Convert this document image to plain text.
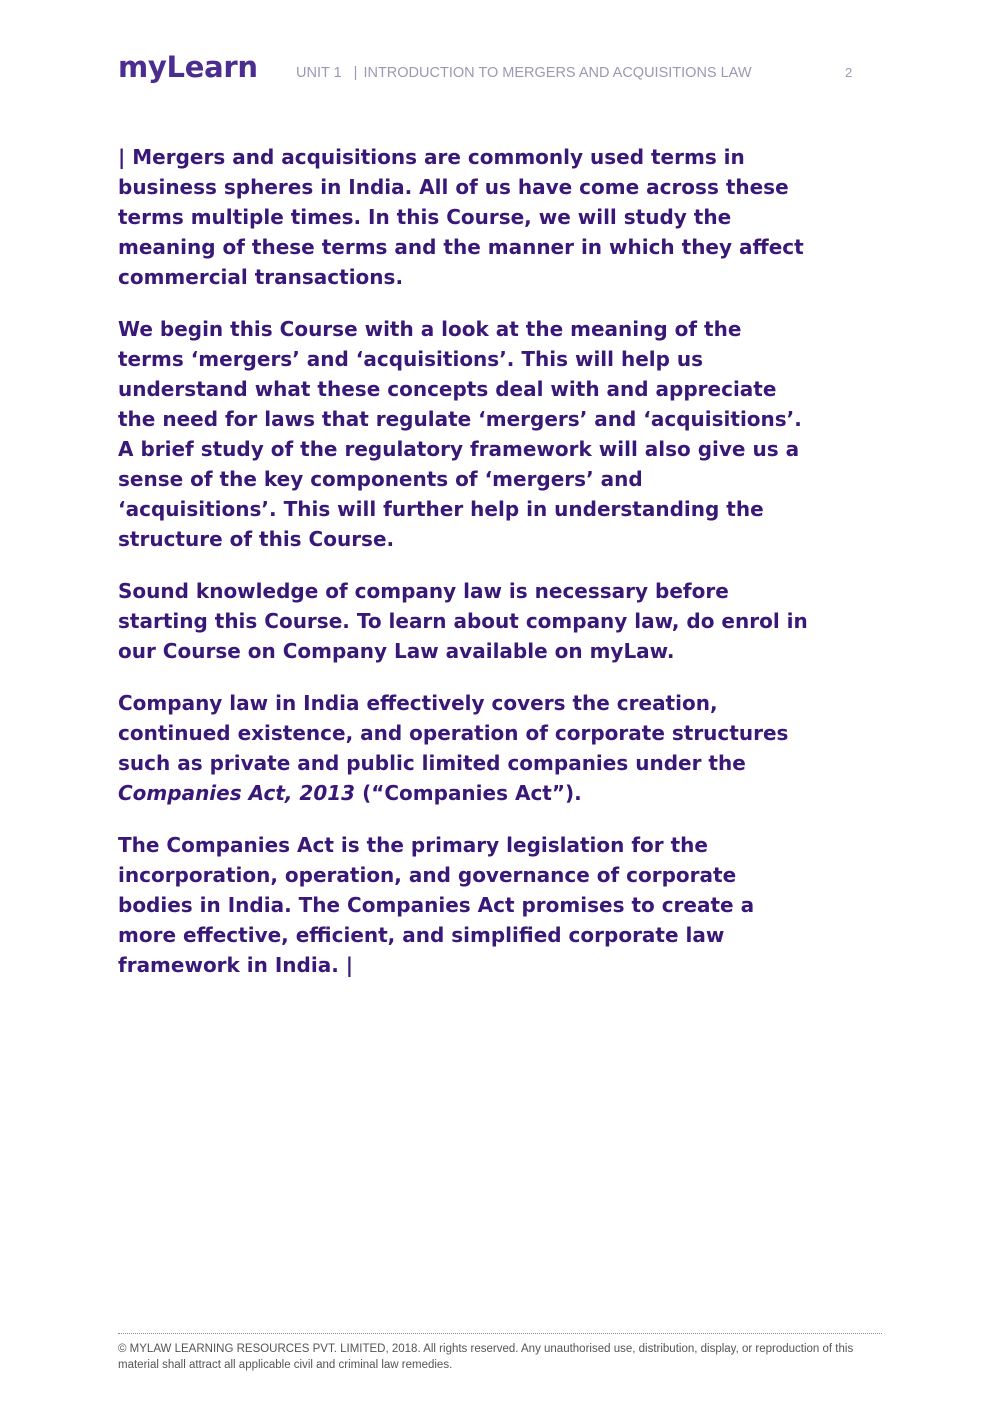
myLearn	UNIT 1 | INTRODUCTION TO MERGERS AND ACQUISITIONS LAW	2

| Mergers and acquisitions are commonly used terms in business spheres in India. All of us have come across these terms multiple times. In this Course, we will study the meaning of these terms and the manner in which they affect commercial transactions.

We begin this Course with a look at the meaning of the terms ‘mergers’ and ‘acquisitions’. This will help us understand what these concepts deal with and appreciate the need for laws that regulate ‘mergers’ and ‘acquisitions’. A brief study of the regulatory framework will also give us a sense of the key components of ‘mergers’ and ‘acquisitions’. This will further help in understanding the structure of this Course.

Sound knowledge of company law is necessary before starting this Course. To learn about company law, do enrol in our Course on Company Law available on myLaw.

Company law in India effectively covers the creation, continued existence, and operation of corporate structures such as private and public limited companies under the
Companies Act, 2013 (“Companies Act”).

The Companies Act is the primary legislation for the incorporation, operation, and governance of corporate bodies in India. The Companies Act promises to create a more effective, efficient, and simplified corporate law framework in India. |

© MYLAW LEARNING RESOURCES PVT. LIMITED, 2018. All rights reserved. Any unauthorised use, distribution, display, or reproduction of this material shall attract all applicable civil and criminal law remedies.
